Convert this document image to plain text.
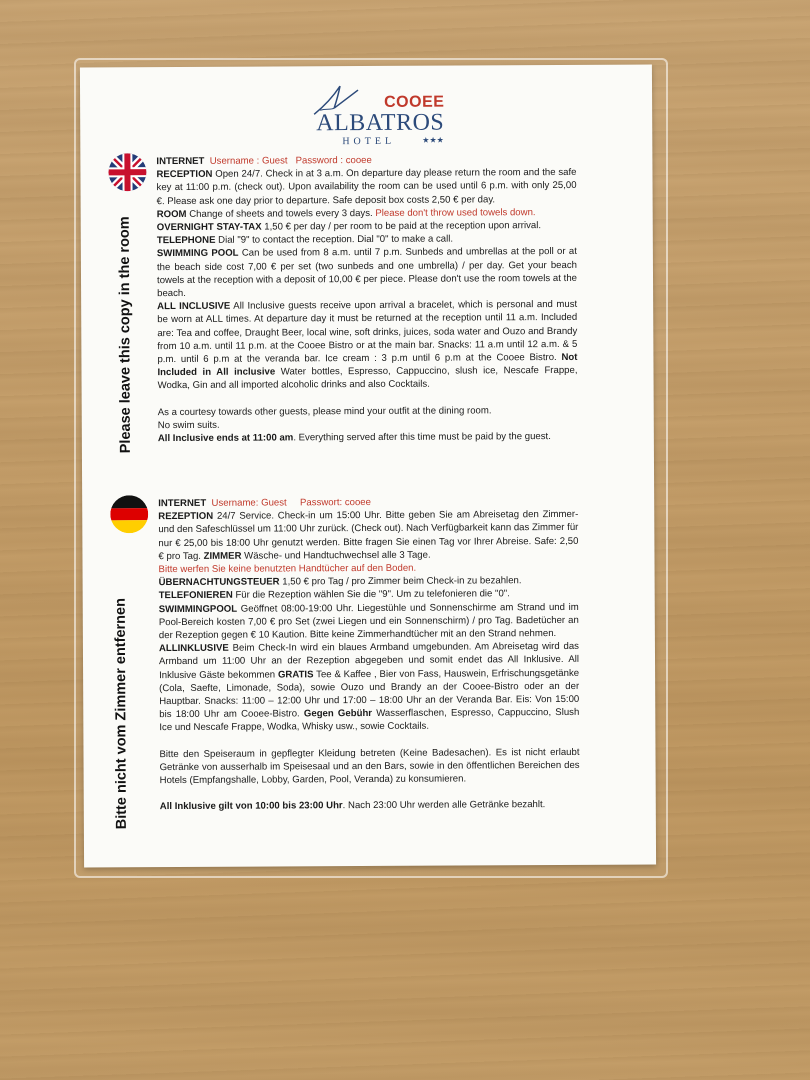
COOEE
ALBATROS
HOTEL	★★★
Please leave this copy in the room
Bitte nicht vom Zimmer entfernen

INTERNET Username : Guest Password : cooee

RECEPTION Open 24/7. Check in at 3 a.m. On departure day please return the room and the safe key at 11:00 p.m. (check out). Upon availability the room can be used until 6 p.m. with only 25,00 €. Please ask one day prior to departure. Safe deposit box costs 2,50 € per day.

ROOM Change of sheets and towels every 3 days. Please don't throw used towels down.

OVERNIGHT STAY-TAX 1,50 € per day / per room to be paid at the reception upon arrival.

TELEPHONE Dial "9" to contact the reception. Dial "0" to make a call.

SWIMMING POOL Can be used from 8 a.m. until 7 p.m. Sunbeds and umbrellas at the poll or at the beach side cost 7,00 € per set (two sunbeds and one umbrella) / per day. Get your beach towels at the reception with a deposit of 10,00 € per piece. Please don't use the room towels at the beach.

ALL INCLUSIVE All Inclusive guests receive upon arrival a bracelet, which is personal and must be worn at ALL times. At departure day it must be returned at the reception until 11 a.m. Included are: Tea and coffee, Draught Beer, local wine, soft drinks, juices, soda water and Ouzo and Brandy from 10 a.m. until 11 p.m. at the Cooee Bistro or at the main bar. Snacks: 11 a.m until 12 a.m. & 5 p.m. until 6 p.m at the veranda bar. Ice cream : 3 p.m until 6 p.m at the Cooee Bistro. Not Included in All inclusive Water bottles, Espresso, Cappuccino, slush ice, Nescafe Frappe, Wodka, Gin and all imported alcoholic drinks and also Cocktails.

As a courtesy towards other guests, please mind your outfit at the dining room.

No swim suits.

All Inclusive ends at 11:00 am. Everything served after this time must be paid by the guest.

INTERNET Username: Guest Passwort: cooee

REZEPTION 24/7 Service. Check-in um 15:00 Uhr. Bitte geben Sie am Abreisetag den Zimmer- und den Safeschlüssel um 11:00 Uhr zurück. (Check out). Nach Verfügbarkeit kann das Zimmer für nur € 25,00 bis 18:00 Uhr genutzt werden. Bitte fragen Sie einen Tag vor Ihrer Abreise. Safe: 2,50 € pro Tag. ZIMMER Wäsche- und Handtuchwechsel alle 3 Tage.

Bitte werfen Sie keine benutzten Handtücher auf den Boden.

ÜBERNACHTUNGSTEUER 1,50 € pro Tag / pro Zimmer beim Check-in zu bezahlen.

TELEFONIEREN Für die Rezeption wählen Sie die "9". Um zu telefonieren die "0".

SWIMMINGPOOL Geöffnet 08:00-19:00 Uhr. Liegestühle und Sonnenschirme am Strand und im Pool-Bereich kosten 7,00 € pro Set (zwei Liegen und ein Sonnenschirm) / pro Tag. Badetücher an der Rezeption gegen € 10 Kaution. Bitte keine Zimmerhandtücher mit an den Strand nehmen.

ALLINKLUSIVE Beim Check-In wird ein blaues Armband umgebunden. Am Abreisetag wird das Armband um 11:00 Uhr an der Rezeption abgegeben und somit endet das All Inklusive. All Inklusive Gäste bekommen GRATIS Tee & Kaffee , Bier von Fass, Hauswein, Erfrischungsgetänke (Cola, Saefte, Limonade, Soda), sowie Ouzo und Brandy an der Cooee-Bistro oder an der Hauptbar. Snacks: 11:00 – 12:00 Uhr und 17:00 – 18:00 Uhr an der Veranda Bar. Eis: Von 15:00 bis 18:00 Uhr am Cooee-Bistro. Gegen Gebühr Wasserflaschen, Espresso, Cappuccino, Slush Ice und Nescafe Frappe, Wodka, Whisky usw., sowie Cocktails.

Bitte den Speiseraum in gepflegter Kleidung betreten (Keine Badesachen). Es ist nicht erlaubt Getränke von ausserhalb im Speisesaal und an den Bars, sowie in den öffentlichen Bereichen des Hotels (Empfangshalle, Lobby, Garden, Pool, Veranda) zu konsumieren.

All Inklusive gilt von 10:00 bis 23:00 Uhr. Nach 23:00 Uhr werden alle Getränke bezahlt.
